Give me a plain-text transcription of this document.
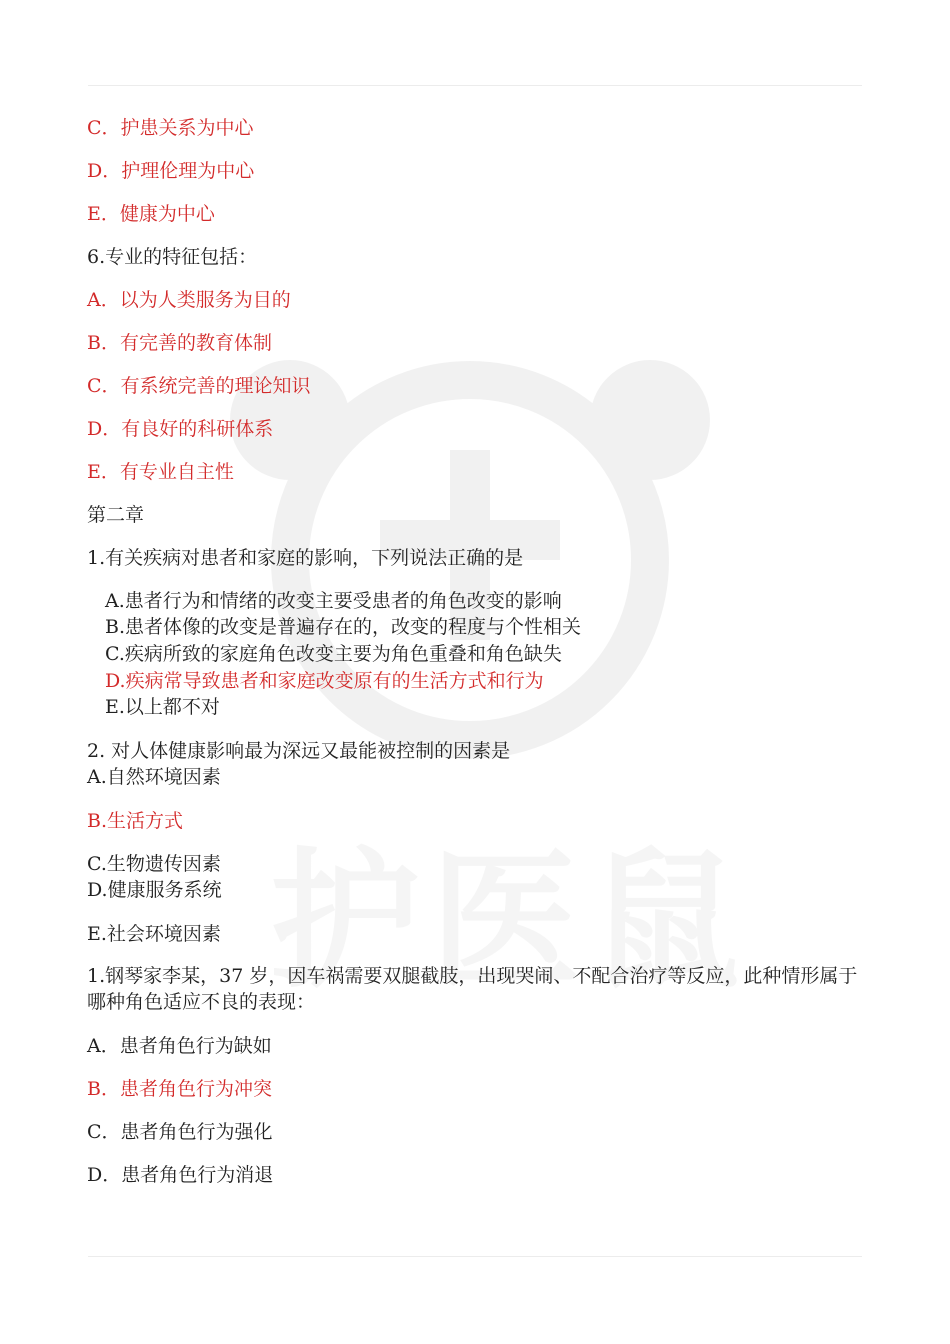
C．护患关系为中心

D．护理伦理为中心

E．健康为中心

6.专业的特征包括：

A．以为人类服务为目的

B．有完善的教育体制

C．有系统完善的理论知识

D．有良好的科研体系

E．有专业自主性

第二章

1.有关疾病对患者和家庭的影响，下列说法正确的是

A.患者行为和情绪的改变主要受患者的角色改变的影响

B.患者体像的改变是普遍存在的，改变的程度与个性相关

C.疾病所致的家庭角色改变主要为角色重叠和角色缺失

D.疾病常导致患者和家庭改变原有的生活方式和行为

E.以上都不对

2. 对人体健康影响最为深远又最能被控制的因素是

A.自然环境因素

B.生活方式

C.生物遗传因素

D.健康服务系统

E.社会环境因素

1.钢琴家李某，37 岁，因车祸需要双腿截肢，出现哭闹、不配合治疗等反应，此种情形属于哪种角色适应不良的表现：

A．患者角色行为缺如

B．患者角色行为冲突

C．患者角色行为强化

D．患者角色行为消退
